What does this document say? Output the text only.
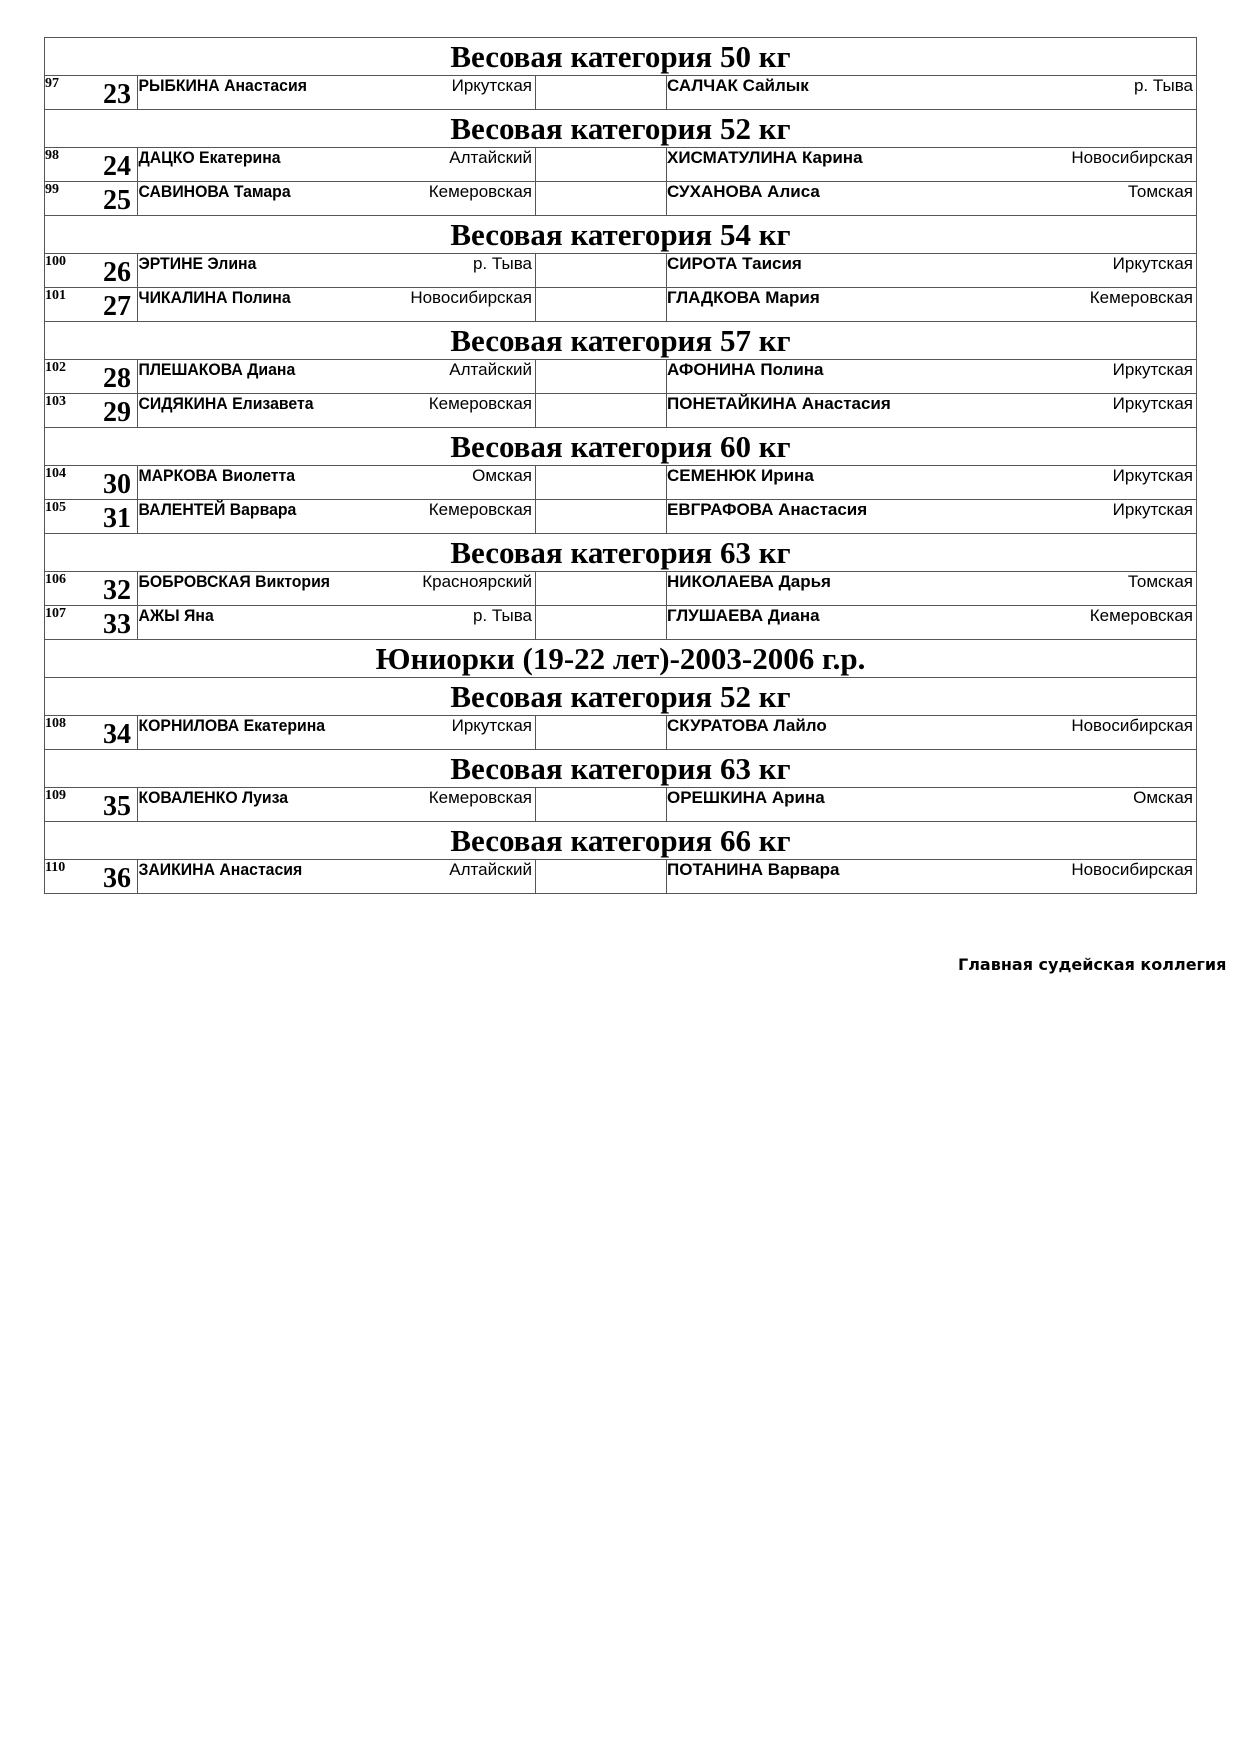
Весовая категория 50 кг					

97 23	РЫБКИНА Анастасия	Иркутская		САЛЧАК Сайлык	р. Тыва
Весовая категория 52 кг					

98 24	ДАЦКО Екатерина	Алтайский		ХИСМАТУЛИНА Карина	Новосибирская

99 25	САВИНОВА Тамара	Кемеровская		СУХАНОВА Алиса	Томская
Весовая категория 54 кг					

100 26	ЭРТИНЕ Элина	р. Тыва		СИРОТА Таисия	Иркутская

101 27	ЧИКАЛИНА Полина	Новосибирская		ГЛАДКОВА Мария	Кемеровская
Весовая категория 57 кг					

102 28	ПЛЕШАКОВА Диана	Алтайский		АФОНИНА Полина	Иркутская

103 29	СИДЯКИНА Елизавета	Кемеровская		ПОНЕТАЙКИНА Анастасия	Иркутская
Весовая категория 60 кг					

104 30	МАРКОВА Виолетта	Омская		СЕМЕНЮК Ирина	Иркутская

105 31	ВАЛЕНТЕЙ Варвара	Кемеровская		ЕВГРАФОВА Анастасия	Иркутская
Весовая категория 63 кг					

106 32	БОБРОВСКАЯ Виктория	Красноярский		НИКОЛАЕВА Дарья	Томская

107 33	АЖЫ Яна	р. Тыва		ГЛУШАЕВА Диана	Кемеровская
Юниорки (19-22 лет)-2003-2006 г.р.					
Весовая категория 52 кг					

108 34	КОРНИЛОВА Екатерина	Иркутская		СКУРАТОВА Лайло	Новосибирская
Весовая категория 63 кг					

109 35	КОВАЛЕНКО Луиза	Кемеровская		ОРЕШКИНА Арина	Омская
Весовая категория 66 кг					

110 36	ЗАИКИНА Анастасия	Алтайский		ПОТАНИНА Варвара	Новосибирская
Главная судейская коллегия
